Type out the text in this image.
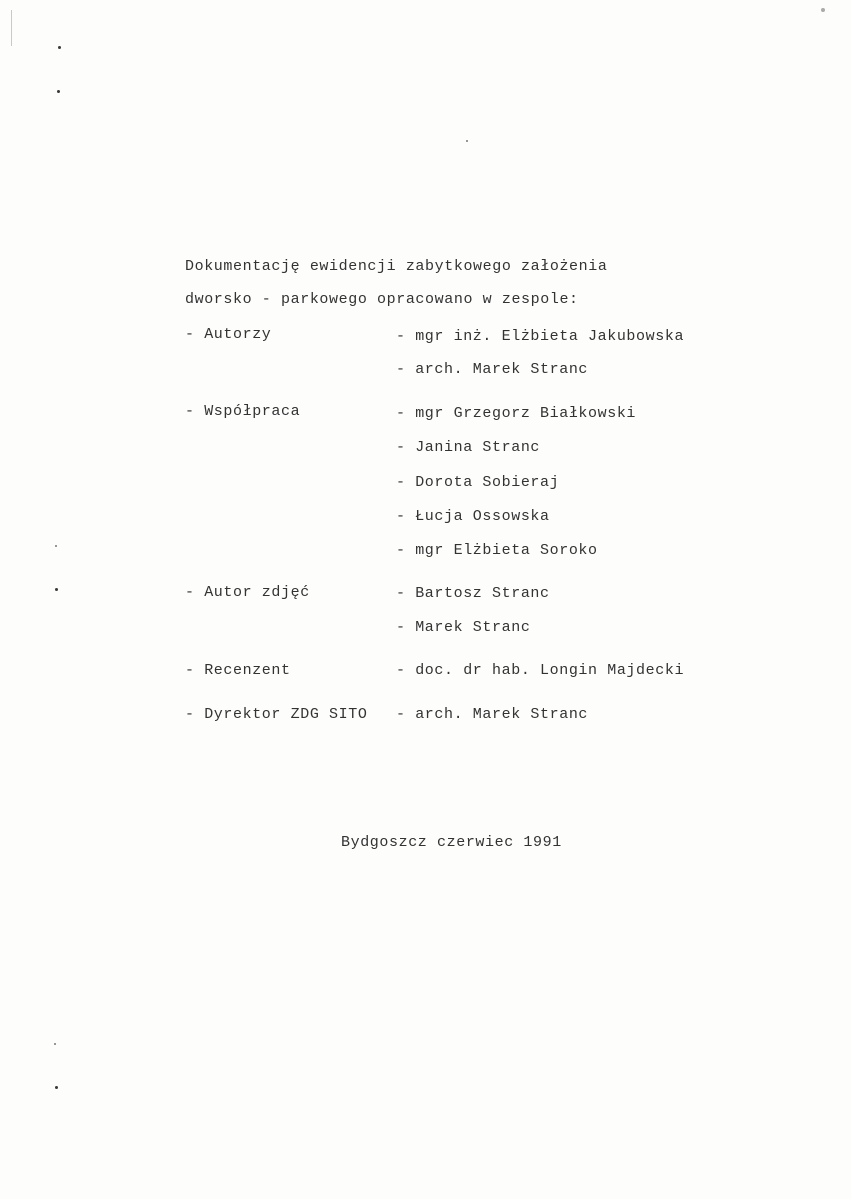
Dokumentację ewidencji zabytkowego założenia
dworsko - parkowego opracowano w zespole:
- Autorzy	- mgr inż. Elżbieta Jakubowska
- arch. Marek Stranc
- Współpraca	- mgr Grzegorz Białkowski
- Janina Stranc
- Dorota Sobieraj
- Łucja Ossowska
- mgr Elżbieta Soroko
- Autor zdjęć	- Bartosz Stranc
- Marek Stranc
- Recenzent	- doc. dr hab. Longin Majdecki
- Dyrektor ZDG SITO - arch. Marek Stranc
Bydgoszcz czerwiec 1991
